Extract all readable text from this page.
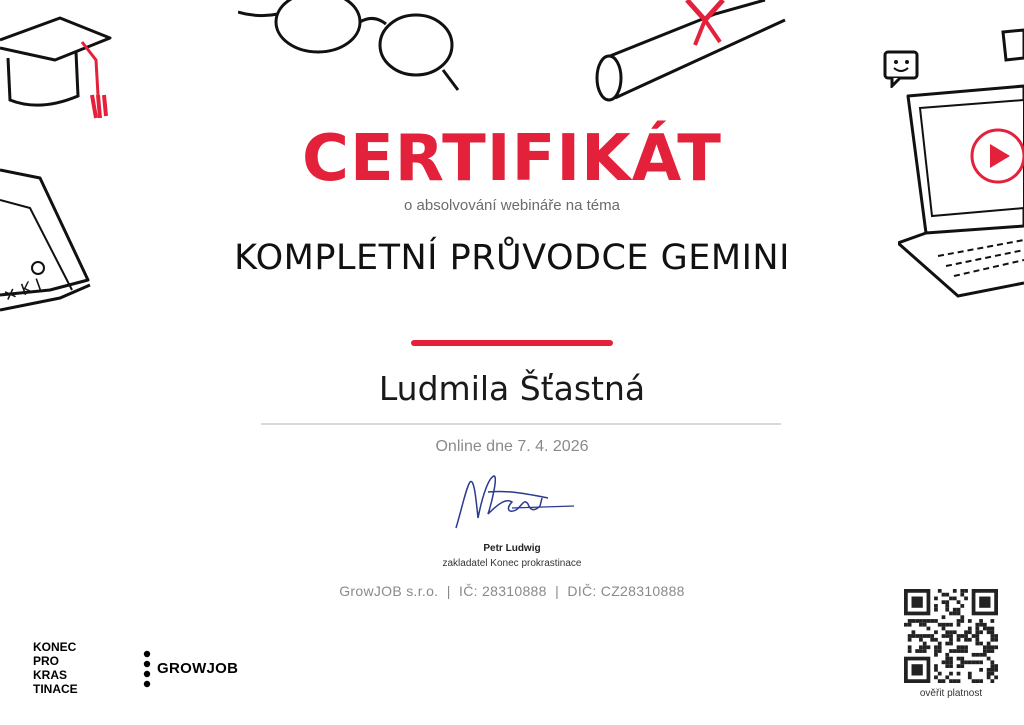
✕ K I
CERTIFIKÁT
o absolvování webináře na téma
KOMPLETNÍ PRŮVODCE GEMINI
Ludmila Šťastná
Online dne 7. 4. 2026
Petr Ludwig
zakladatel Konec prokrastinace
GrowJOB s.r.o.  |  IČ: 28310888  |  DIČ: CZ28310888
KONEC
PRO
KRAS
TINACE
GROWJOB
ověřit platnost
